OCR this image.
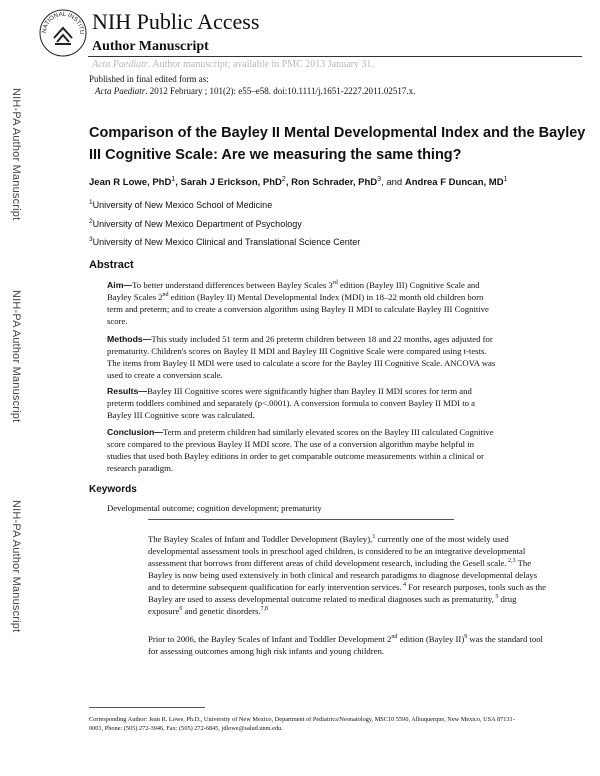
NATIONAL INSTITU NIH Public Access
Author Manuscript
Acta Paediatr. Author manuscript; available in PMC 2013 January 31.
Published in final edited form as:
Acta Paediatr. 2012 February ; 101(2): e55–e58. doi:10.1111/j.1651-2227.2011.02517.x.
NIH-PA Author Manuscript
NIH-PA Author Manuscript
NIH-PA Author Manuscript
Comparison of the Bayley II Mental Developmental Index and the Bayley III Cognitive Scale: Are we measuring the same thing?
Jean R Lowe, PhD$^1$, Sarah J Erickson, PhD$^2$, Ron Schrader, PhD$^3$, and Andrea F Duncan, $MD^1$
$^1$University of New Mexico School of Medicine
$^2$University of New Mexico Department of Psychology
$^3$University of New Mexico Clinical and Translational Science Center
Abstract
Aim—To better understand differences between Bayley Scales 3rd edition (Bayley III) Cognitive Scale and Bayley Scales 2nd edition (Bayley II) Mental Developmental Index (MDI) in 18–22 month old children born term and preterm; and to create a conversion algorithm using Bayley II MDI to calculate Bayley III Cognitive score.
Methods—This study included 51 term and 26 preterm children between 18 and 22 months, ages adjusted for prematurity. Children's scores on Bayley II MDI and Bayley III Cognitive Scale were compared using t-tests. The items from Bayley II MDI were used to calculate a score for the Bayley III Cognitive Scale. ANCOVA was used to create a conversion scale.
Results—Bayley III Cognitive scores were significantly higher than Bayley II MDI scores for term and preterm toddlers combined and separately (p<.0001). A conversion formula to convert Bayley II MDI to a Bayley III Cognitive score was calculated.
Conclusion—Term and preterm children had similarly elevated scores on the Bayley III calculated Cognitive score compared to the previous Bayley II MDI score. The use of a conversion algorithm maybe helpful in studies that used both Bayley editions in order to get comparable outcome measurements within a clinical or research paradigm.
Keywords
Developmental outcome; cognition development; prematurity
The Bayley Scales of Infant and Toddler Development (Bayley),$^1$ currently one of the most widely used developmental assessment tools in preschool aged children, is considered to be an integrative developmental assessment that borrows from different areas of child development research, including the Gesell scale. $^{2,3}$ The Bayley is now being used extensively in both clinical and research paradigms to diagnose developmental delays and to determine subsequent qualification for early intervention services. $^4$ For research purposes, tools such as the Bayley are used to assess developmental outcome related to medical diagnoses such as prematurity, $^5$ drug exposure$^6$ and genetic disorders.$^{7,8}$
Prior to 2006, the Bayley Scales of Infant and Toddler Development 2nd edition (Bayley II)$^9$ was the standard tool for assessing outcomes among high risk infants and young children.
Corresponding Author: Jean R. Lowe, Ph.D., University of New Mexico, Department of Pediatrics/Neonatology, MSC10 5590, Albuquerque, New Mexico, USA 87131-0001, Phone: (505) 272-3946, Fax: (505) 272-6845, jdlowe@salud.unm.edu.
